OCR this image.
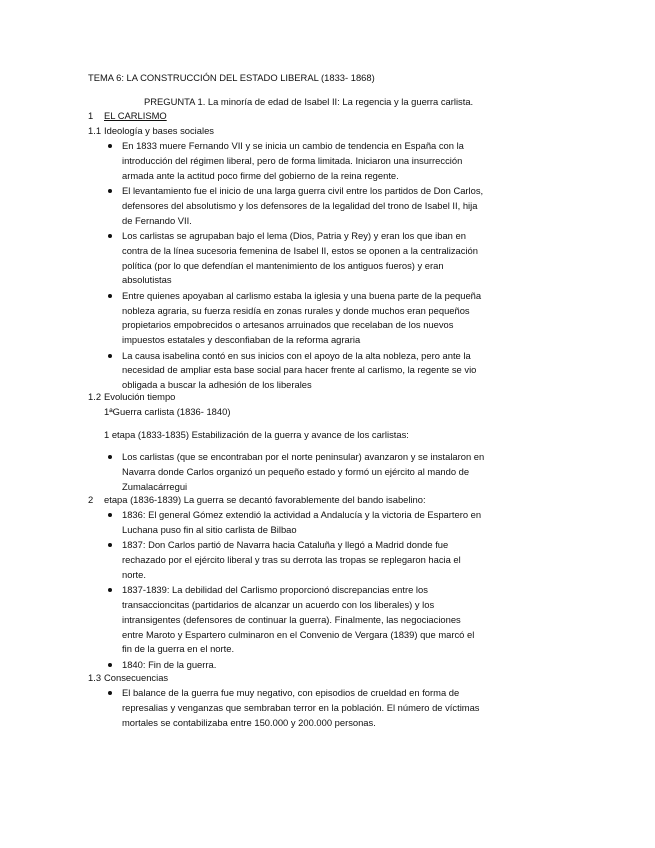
TEMA 6: LA CONSTRUCCIÓN DEL ESTADO LIBERAL (1833- 1868)
PREGUNTA 1. La minoría de edad de Isabel II: La regencia y la guerra carlista.
1 EL CARLISMO
1.1 Ideología y bases sociales
En 1833 muere Fernando VII y se inicia un cambio de tendencia en España con la
introducción del régimen liberal, pero de forma limitada. Iniciaron una insurrección
armada ante la actitud poco firme del gobierno de la reina regente.
El levantamiento fue el inicio de una larga guerra civil entre los partidos de Don Carlos,
defensores del absolutismo y los defensores de la legalidad del trono de Isabel II, hija
de Fernando VII.
Los carlistas se agrupaban bajo el lema (Dios, Patria y Rey) y eran los que iban en
contra de la línea sucesoria femenina de Isabel II, estos se oponen a la centralización
política (por lo que defendían el mantenimiento de los antiguos fueros) y eran
absolutistas
Entre quienes apoyaban al carlismo estaba la iglesia y una buena parte de la pequeña
nobleza agraria, su fuerza residía en zonas rurales y donde muchos eran pequeños
propietarios empobrecidos o artesanos arruinados que recelaban de los nuevos
impuestos estatales y desconfiaban de la reforma agraria
La causa isabelina contó en sus inicios con el apoyo de la alta nobleza, pero ante la
necesidad de ampliar esta base social para hacer frente al carlismo, la regente se vio
obligada a buscar la adhesión de los liberales
1.2 Evolución tiempo
1ªGuerra carlista (1836- 1840)
1 etapa (1833-1835) Estabilización de la guerra y avance de los carlistas:
Los carlistas (que se encontraban por el norte peninsular) avanzaron y se instalaron en
Navarra donde Carlos organizó un pequeño estado y formó un ejército al mando de
Zumalacárregui
2 etapa (1836-1839) La guerra se decantó favorablemente del bando isabelino:
1836: El general Gómez extendió la actividad a Andalucía y la victoria de Espartero en
Luchana puso fin al sitio carlista de Bilbao
1837: Don Carlos partió de Navarra hacia Cataluña y llegó a Madrid donde fue
rechazado por el ejército liberal y tras su derrota las tropas se replegaron hacia el
norte.
1837-1839: La debilidad del Carlismo proporcionó discrepancias entre los
transaccioncitas (partidarios de alcanzar un acuerdo con los liberales) y los
intransigentes (defensores de continuar la guerra). Finalmente, las negociaciones
entre Maroto y Espartero culminaron en el Convenio de Vergara (1839) que marcó el
fin de la guerra en el norte.
1840: Fin de la guerra.
1.3 Consecuencias
El balance de la guerra fue muy negativo, con episodios de crueldad en forma de
represalias y venganzas que sembraban terror en la población. El número de víctimas
mortales se contabilizaba entre 150.000 y 200.000 personas.
